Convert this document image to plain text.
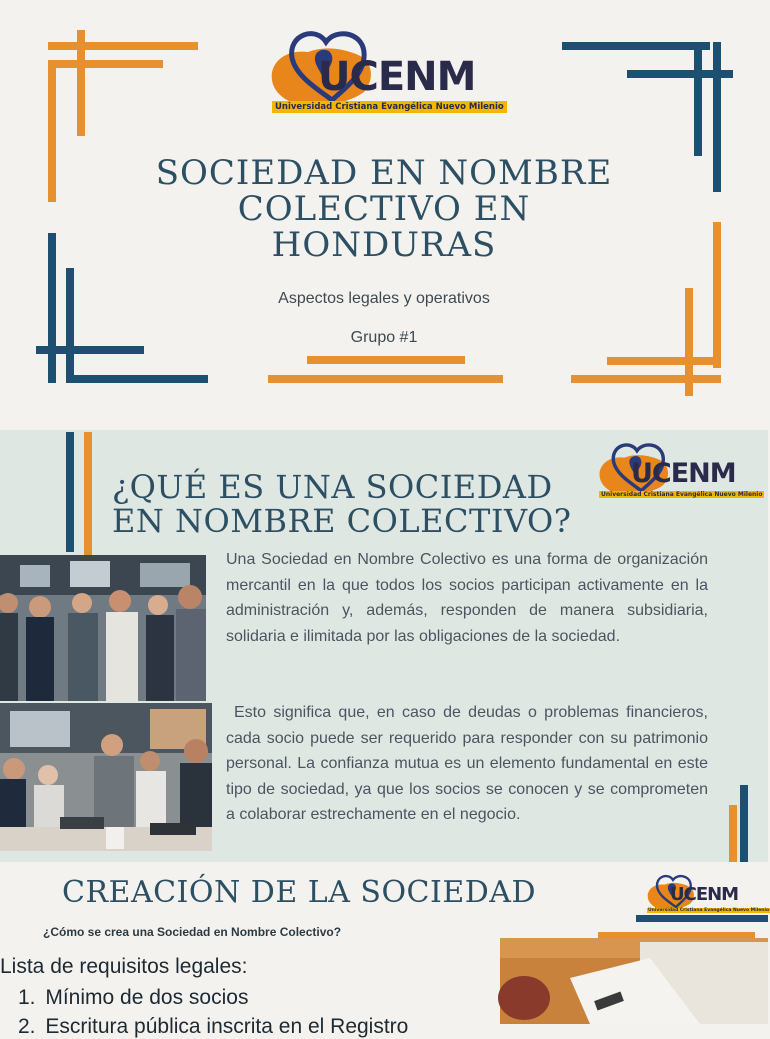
UCENM
Universidad Cristiana Evangélica Nuevo Milenio
SOCIEDAD EN NOMBRE COLECTIVO EN HONDURAS
Aspectos legales y operativos
Grupo #1
¿QUÉ ES UNA SOCIEDAD EN NOMBRE COLECTIVO?
UCENM
Universidad Cristiana Evangélica Nuevo Milenio
Una Sociedad en Nombre Colectivo es una forma de organización mercantil en la que todos los socios participan activamente en la administración y, además, responden de manera subsidiaria, solidaria e ilimitada por las obligaciones de la sociedad.
Esto significa que, en caso de deudas o problemas financieros, cada socio puede ser requerido para responder con su patrimonio personal. La confianza mutua es un elemento fundamental en este tipo de sociedad, ya que los socios se conocen y se comprometen a colaborar estrechamente en el negocio.
CREACIÓN DE LA SOCIEDAD
¿Cómo se crea una Sociedad en Nombre Colectivo?
UCENM
Universidad Cristiana Evangélica Nuevo Milenio
Lista de requisitos legales:
1. Mínimo de dos socios
2. Escritura pública inscrita en el Registro
